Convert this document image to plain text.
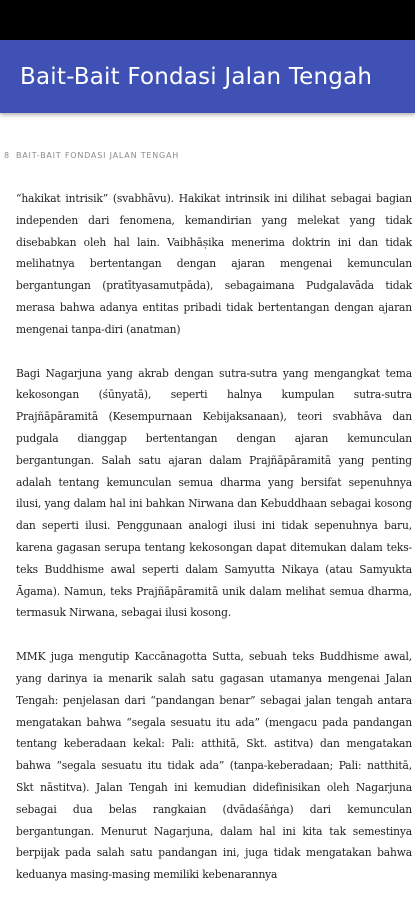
Bait-Bait Fondasi Jalan Tengah
8 BAIT-BAIT FONDASI JALAN TENGAH

“hakikat intrisik” (svabhāvu). Hakikat intrinsik ini dilihat sebagai bagian independen dari fenomena, kemandirian yang melekat yang tidak disebabkan oleh hal lain. Vaibhāṣika menerima doktrin ini dan tidak melihatnya bertentangan dengan ajaran mengenai kemunculan bergantungan (pratītyasamutpāda), sebagaimana Pudgalavāda tidak merasa bahwa adanya entitas pribadi tidak bertentangan dengan ajaran mengenai tanpa-diri (anatman)

Bagi Nagarjuna yang akrab dengan sutra-sutra yang mengangkat tema kekosongan (śūnyatā), seperti halnya kumpulan sutra-sutra Prajñāpāramitā (Kesempurnaan Kebijaksanaan), teori svabhāva dan pudgala dianggap bertentangan dengan ajaran kemunculan bergantungan. Salah satu ajaran dalam Prajñāpāramitā yang penting adalah tentang kemunculan semua dharma yang bersifat sepenuhnya ilusi, yang dalam hal ini bahkan Nirwana dan Kebuddhaan sebagai kosong dan seperti ilusi. Penggunaan analogi ilusi ini tidak sepenuhnya baru, karena gagasan serupa tentang kekosongan dapat ditemukan dalam teks-teks Buddhisme awal seperti dalam Samyutta Nikaya (atau Samyukta Āgama). Namun, teks Prajñāpāramitā unik dalam melihat semua dharma, termasuk Nirwana, sebagai ilusi kosong.

MMK juga mengutip Kaccānagotta Sutta, sebuah teks Buddhisme awal, yang darinya ia menarik salah satu gagasan utamanya mengenai Jalan Tengah: penjelasan dari “pandangan benar” sebagai jalan tengah antara mengatakan bahwa “segala sesuatu itu ada” (mengacu pada pandangan tentang keberadaan kekal: Pali: atthitā, Skt. astitva) dan mengatakan bahwa “segala sesuatu itu tidak ada” (tanpa-keberadaan; Pali: natthitā, Skt nāstitva). Jalan Tengah ini kemudian didefinisikan oleh Nagarjuna sebagai dua belas rangkaian (dvādaśāṅga) dari kemunculan bergantungan. Menurut Nagarjuna, dalam hal ini kita tak semestinya berpijak pada salah satu pandangan ini, juga tidak mengatakan bahwa keduanya masing-masing memiliki kebenarannya
